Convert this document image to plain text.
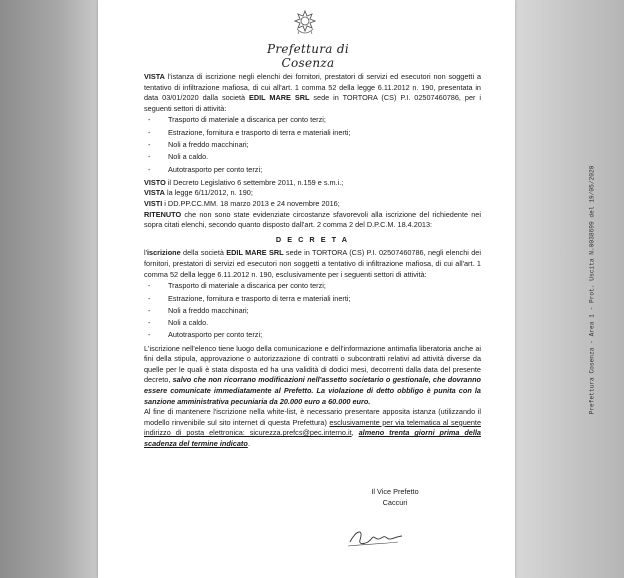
Prefettura di Cosenza

VISTA l'istanza di iscrizione negli elenchi dei fornitori, prestatori di servizi ed esecutori non soggetti a tentativo di infiltrazione mafiosa, di cui all'art. 1 comma 52 della legge 6.11.2012 n. 190, presentata in data 03/01/2020 dalla società EDIL MARE SRL sede in TORTORA (CS) P.I. 02507460786, per i seguenti settori di attività:

- Trasporto di materiale a discarica per conto terzi;
- Estrazione, fornitura e trasporto di terra e materiali inerti;
- Noli a freddo macchinari;
- Noli a caldo.
- Autotrasporto per conto terzi;

VISTO il Decreto Legislativo 6 settembre 2011, n.159 e s.m.i.;

VISTA la legge 6/11/2012, n. 190;

VISTI i DD.PP.CC.MM. 18 marzo 2013 e 24 novembre 2016;

RITENUTO che non sono state evidenziate circostanze sfavorevoli alla iscrizione del richiedente nei sopra citati elenchi, secondo quanto disposto dall'art. 2 comma 2 del D.P.C.M. 18.4.2013:

D E C R E T A

l'iscrizione della società EDIL MARE SRL sede in TORTORA (CS) P.I. 02507460786, negli elenchi dei fornitori, prestatori di servizi ed esecutori non soggetti a tentativo di infiltrazione mafiosa, di cui all'art. 1 comma 52 della legge 6.11.2012 n. 190, esclusivamente per i seguenti settori di attività:

- Trasporto di materiale a discarica per conto terzi;
- Estrazione, fornitura e trasporto di terra e materiali inerti;
- Noli a freddo macchinari;
- Noli a caldo.
- Autotrasporto per conto terzi;

L'iscrizione nell'elenco tiene luogo della comunicazione e dell'informazione antimafia liberatoria anche ai fini della stipula, approvazione o autorizzazione di contratti o subcontratti relativi ad attività diverse da quelle per le quali è stata disposta ed ha una validità di dodici mesi, decorrenti dalla data del presente decreto, salvo che non ricorrano modificazioni nell'assetto societario o gestionale, che dovranno essere comunicate immediatamente al Prefetto. La violazione di detto obbligo è punita con la sanzione amministrativa pecuniaria da 20.000 euro a 60.000 euro.

Al fine di mantenere l'iscrizione nella white-list, è necessario presentare apposita istanza (utilizzando il modello rinvenibile sul sito internet di questa Prefettura) esclusivamente per via telematica al seguente indirizzo di posta elettronica: sicurezza.prefcs@pec.interno.it, almeno trenta giorni prima della scadenza del termine indicato.

Il Vice Prefetto
Caccuri
Prefettura Cosenza - Area 1 - Prot. Uscita N.0038699 del 19/05/2020
